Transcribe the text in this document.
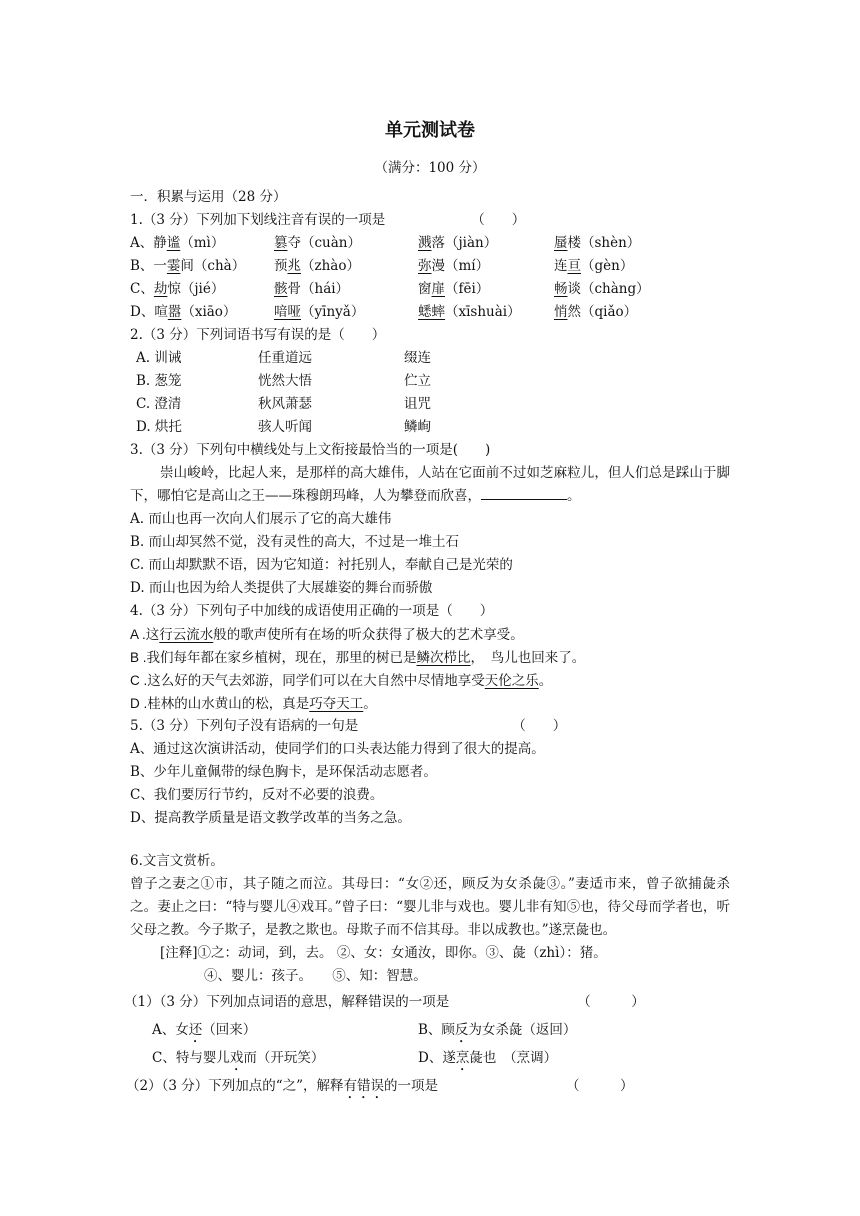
单元测试卷
（满分：100 分）
一．积累与运用（28 分）
1.（3 分）下列加下划线注音有误的一项是	（　　）
A、静谧（mì）	篡夺（cuàn）	溅落（jiàn）	蜃楼（shèn）
B、一霎间（chà）	预兆（zhào）	弥漫（mí）	连亘（gèn）
C、劫惊（jié）	骸骨（hái）	窗扉（fēi）	畅谈（chàng）
D、喧嚣（xiāo）	喑哑（yīnyǎ）	蟋蟀（xīshuài）	悄然（qiǎo）
2.（3 分）下列词语书写有误的是（　　）
A. 训诫	任重道远	缀连
B. 葱笼	恍然大悟	伫立
C. 澄清	秋风萧瑟	诅咒
D. 烘托	骇人听闻	鳞峋
3.（3 分）下列句中横线处与上文衔接最恰当的一项是(　　)
崇山峻岭，比起人来，是那样的高大雄伟，人站在它面前不过如芝麻粒儿，但人们总是踩山于脚下，哪怕它是高山之王——珠穆朗玛峰，人为攀登而欣喜，	。
A. 而山也再一次向人们展示了它的高大雄伟
B. 而山却冥然不觉，没有灵性的高大，不过是一堆土石
C. 而山却默默不语，因为它知道：衬托别人，奉献自己是光荣的
D. 而山也因为给人类提供了大展雄姿的舞台而骄傲
4.（3 分）下列句子中加线的成语使用正确的一项是（　　）
A .这行云流水般的歌声使所有在场的听众获得了极大的艺术享受。
B .我们每年都在家乡植树，现在，那里的树已是鳞次栉比，　鸟儿也回来了。
C .这么好的天气去郊游，同学们可以在大自然中尽情地享受天伦之乐。
D .桂林的山水黄山的松，真是巧夺天工。
5.（3 分）下列句子没有语病的一句是	（　　）
A、通过这次演讲活动，使同学们的口头表达能力得到了很大的提高。
B、少年儿童佩带的绿色胸卡，是环保活动志愿者。
C、我们要厉行节约，反对不必要的浪费。
D、提高教学质量是语文教学改革的当务之急。
6.文言文赏析。
曾子之妻之①市，其子随之而泣。其母曰：“女②还，顾反为女杀彘③。”妻适市来，曾子欲捕彘杀之。妻止之曰：“特与婴儿④戏耳。”曾子曰：“婴儿非与戏也。婴儿非有知⑤也，待父母而学者也，听父母之教。今子欺子，是教之欺也。母欺子而不信其母。非以成教也。”遂烹彘也。
[注释]①之：动词，到，去。 ②、女：女通汝，即你。③、彘（zhì）：猪。
④、婴儿：孩子。　　⑤、知：智慧。
（1）（3 分）下列加点词语的意思，解释错误的一项是	（　　　）
A、女还（回来）	B、顾反为女杀彘（返回）
C、特与婴儿戏而（开玩笑）	D、遂烹彘也　（烹调）
（2）（3 分）下列加点的“之”，解释有错误的一项是	（　　　）
